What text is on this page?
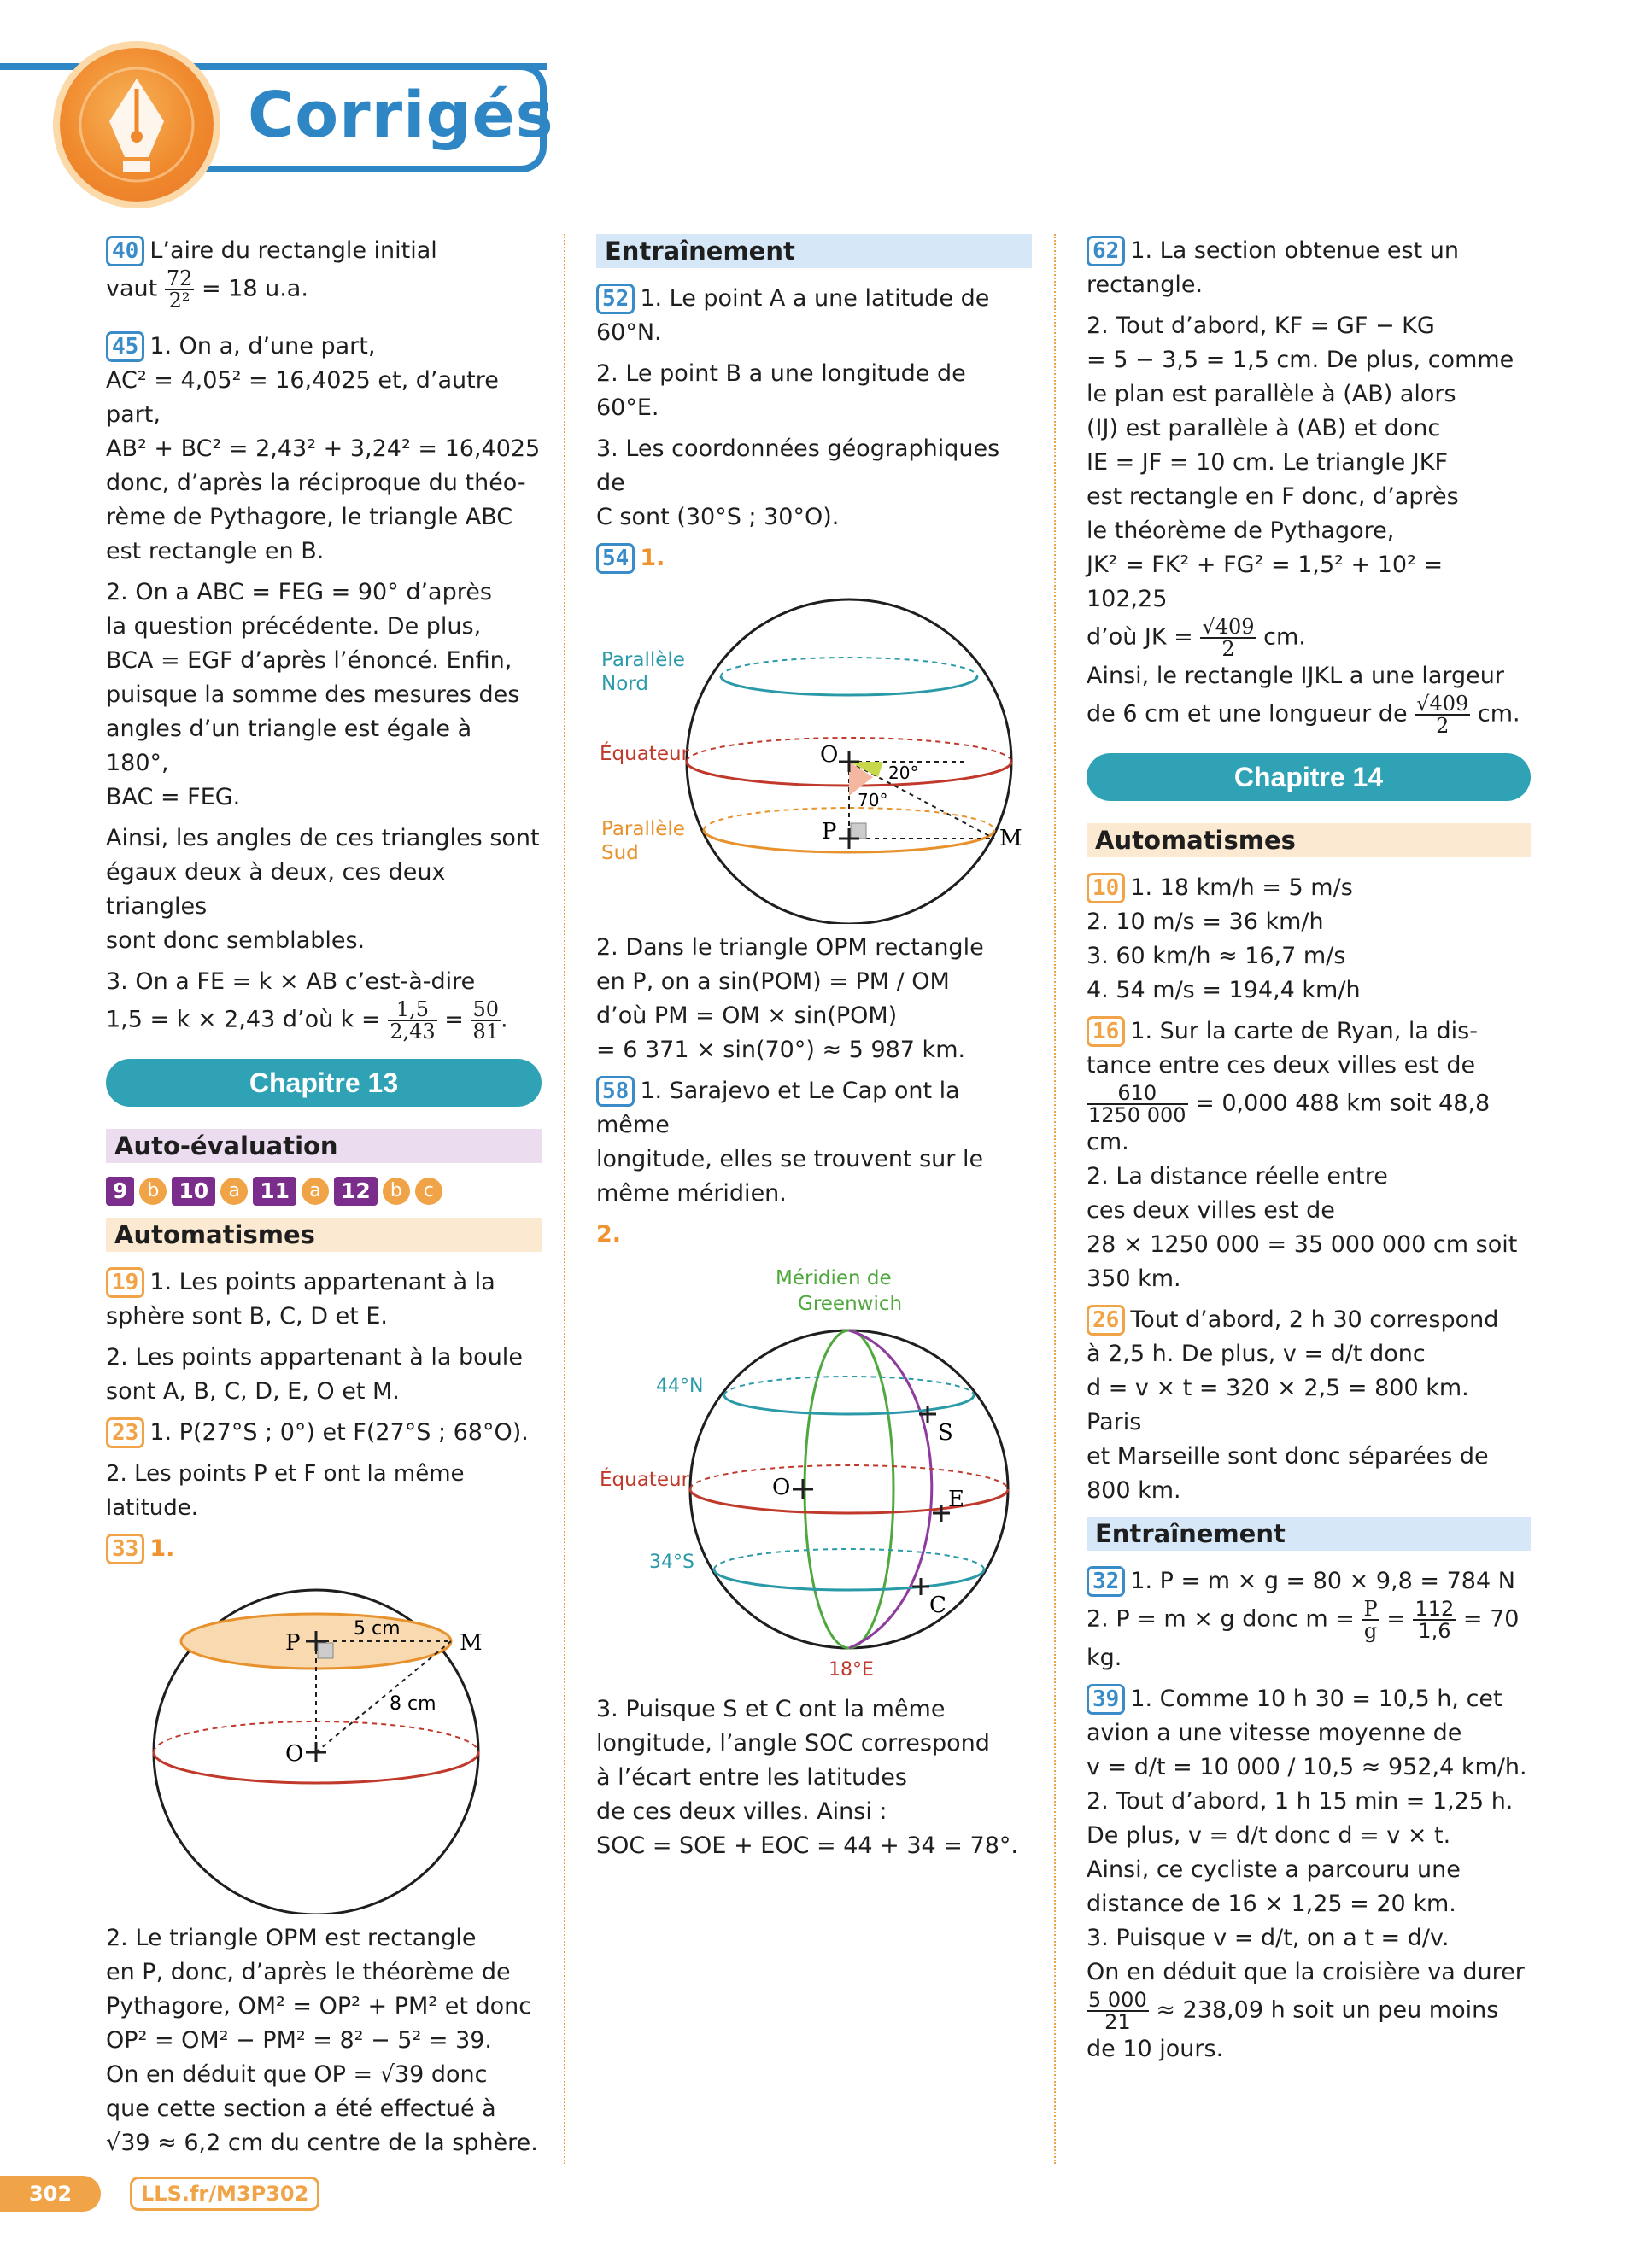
Corrigés

40 L’aire du rectangle initial
vaut $\frac{72}{\text{2²}} = 18$ u.a.

45 1. On a, d’une part,
AC² = 4,05² = 16,4025 et, d’autre part,
AB² + BC² = 2,43² + 3,24² = 16,4025
donc, d’après la réciproque du théo-
rème de Pythagore, le triangle ABC
est rectangle en B.

2. On a ABC = FEG = 90° d’après
la question précédente. De plus,
BCA = EGF d’après l’énoncé. Enfin,
puisque la somme des mesures des
angles d’un triangle est égale à 180°,
BAC = FEG.

Ainsi, les angles de ces triangles sont
égaux deux à deux, ces deux triangles
sont donc semblables.

3. On a FE = k × AB c’est-à-dire
1,5 = k × 2,43 d’où $k = \frac{1,5}{2,43} = \frac{50}{81}$ .

Chapitre 13
Auto-évaluation
9	b 10	a 11	a 12	b	c
Automatismes

19 1. Les points appartenant à la
sphère sont B, C, D et E.

2. Les points appartenant à la boule
sont A, B, C, D, E, O et M.

23 1. P(27°S ; 0°) et F(27°S ; 68°O).

2. Les points P et F ont la même latitude.

33 1.

P	M
O
5 cm
8 cm

2. Le triangle OPM est rectangle
en P, donc, d’après le théorème de
Pythagore, OM² = OP² + PM² et donc
OP² = OM² − PM² = 8² − 5² = 39.
On en déduit que OP = √39 donc
que cette section a été effectué à
√39 ≈ 6,2 cm du centre de la sphère.

Entraînement

52 1. Le point A a une latitude de
60°N.

2. Le point B a une longitude de 60°E.

3. Les coordonnées géographiques de
C sont (30°S ; 30°O).

54 1.

Parallèle
Nord
Équateur
Parallèle
Sud
O
P	M
20°
70°

2. Dans le triangle OPM rectangle
en P, on a sin(POM) = PM / OM
d’où PM = OM × sin(POM)
= 6 371 × sin(70°) ≈ 5 987 km.

58 1. Sarajevo et Le Cap ont la même
longitude, elles se trouvent sur le
même méridien.

2.

Méridien de
Greenwich
44°N
Équateur
34°S
18°E
O
S
E
C

3. Puisque S et C ont la même
longitude, l’angle SOC correspond
à l’écart entre les latitudes
de ces deux villes. Ainsi :
SOC = SOE + EOC = 44 + 34 = 78°.

62 1. La section obtenue est un
rectangle.

2. Tout d’abord, KF = GF − KG
= 5 − 3,5 = 1,5 cm. De plus, comme
le plan est parallèle à (AB) alors
(IJ) est parallèle à (AB) et donc
IE = JF = 10 cm. Le triangle JKF
est rectangle en F donc, d’après
le théorème de Pythagore,
JK² = FK² + FG² = 1,5² + 10² = 102,25
d’où JK = $\frac{√409}{2}$ cm.
Ainsi, le rectangle IJKL a une largeur
de 6 cm et une longueur de $\frac{√409}{2}$ cm.

Chapitre 14
Automatismes

10 1. 18 km/h = 5 m/s
2. 10 m/s = 36 km/h
3. 60 km/h ≈ 16,7 m/s
4. 54 m/s = 194,4 km/h

16 1. Sur la carte de Ryan, la dis-
tance entre ces deux villes est de

$\frac{610}{1250 000} = 0,000$ 488 km soit 48,8 cm.
2. La distance réelle entre
ces deux villes est de
28 × 1250 000 = 35 000 000 cm soit
350 km.

26 Tout d’abord, 2 h 30 correspond
à 2,5 h. De plus, v = d/t donc
d = v × t = 320 × 2,5 = 800 km. Paris
et Marseille sont donc séparées de
800 km.

Entraînement

32 1. P = m × g = 80 × 9,8 = 784 N
2. P = m × g donc $m = \frac{P}{g} = \frac{112}{1,6} = 70$ kg.

39 1. Comme 10 h 30 = 10,5 h, cet
avion a une vitesse moyenne de
v = d/t = 10 000 / 10,5 ≈ 952,4 km/h.
2. Tout d’abord, 1 h 15 min = 1,25 h.
De plus, v = d/t donc d = v × t.
Ainsi, ce cycliste a parcouru une
distance de 16 × 1,25 = 20 km.
3. Puisque v = d/t, on a t = d/v.
On en déduit que la croisière va durer

$\frac{5 000}{21} \approx 238,09$ h soit un peu moins
de 10 jours.

302	LLS.fr/M3P302
